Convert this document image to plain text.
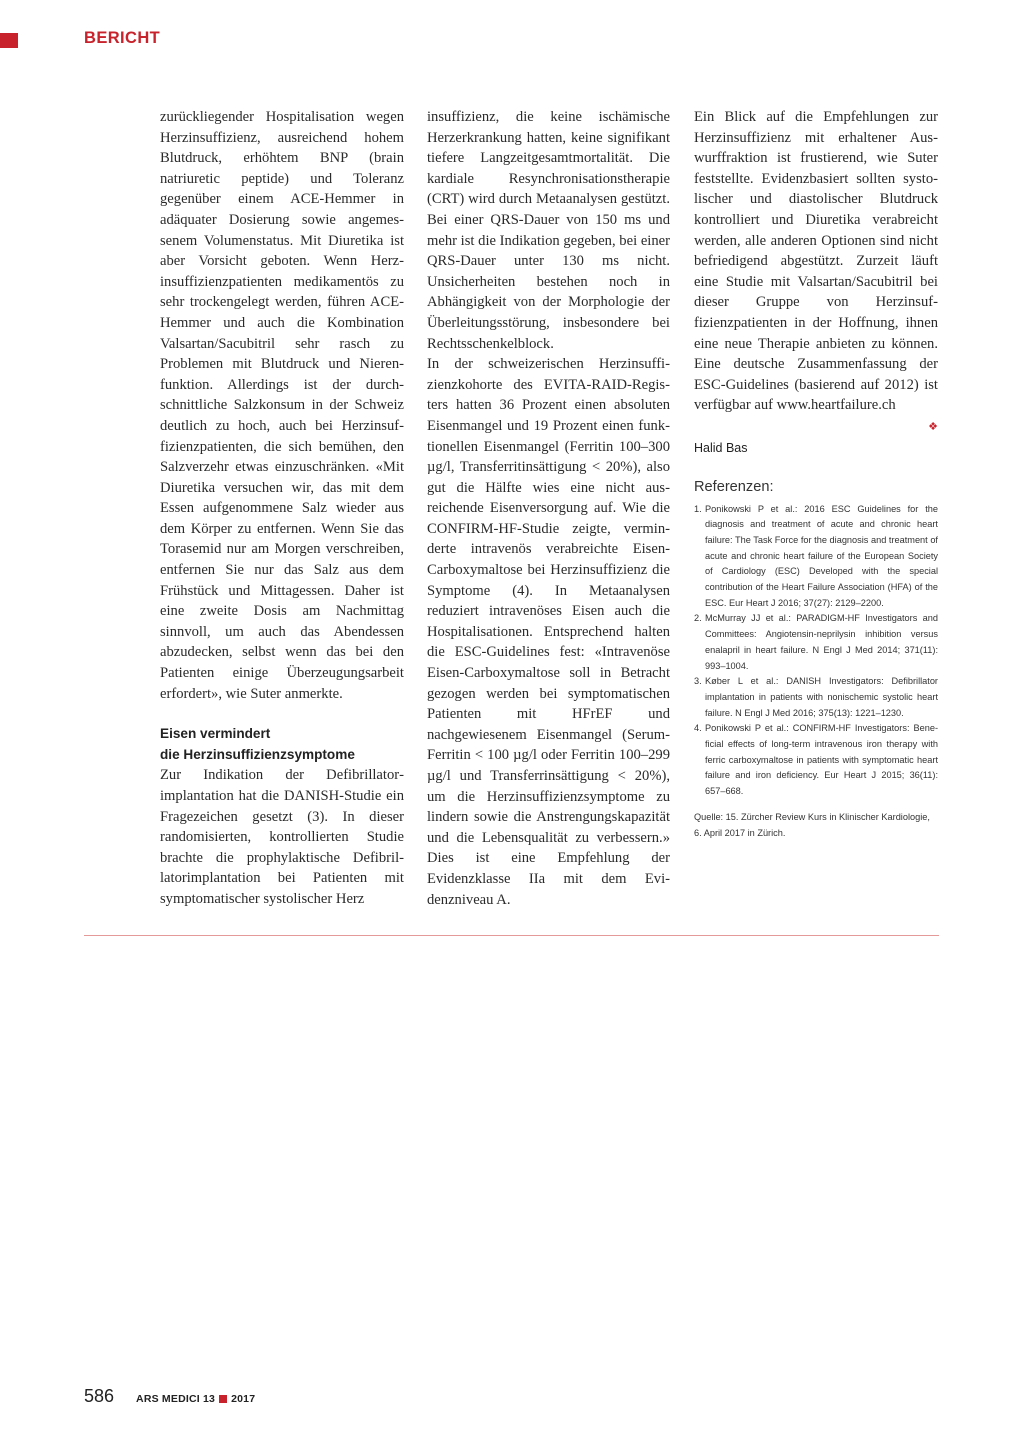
BERICHT

zurückliegender Hospitalisation wegen Herzinsuffizienz, ausreichend hohem Blutdruck, erhöhtem BNP (brain natriuretic peptide) und Toleranz gegenüber einem ACE-Hemmer in adäquater Dosierung sowie angemessenem Volumenstatus. Mit Diuretika ist aber Vorsicht geboten. Wenn Herzinsuffizienzpatienten medikamentös zu sehr trockengelegt werden, führen ACE-Hemmer und auch die Kombination Valsartan/Sacubitril sehr rasch zu Problemen mit Blutdruck und Nierenfunktion. Allerdings ist der durchschnittliche Salzkonsum in der Schweiz deutlich zu hoch, auch bei Herzinsuffizienzpatienten, die sich bemühen, den Salzverzehr etwas einzuschränken. «Mit Diuretika versuchen wir, das mit dem Essen aufgenommene Salz wieder aus dem Körper zu entfernen. Wenn Sie das Torasemid nur am Morgen verschreiben, entfernen Sie nur das Salz aus dem Frühstück und Mittagessen. Daher ist eine zweite Dosis am Nachmittag sinnvoll, um auch das Abendessen abzudecken, selbst wenn das bei den Patienten einige Überzeugungsarbeit erfordert», wie Suter anmerkte.

Eisen vermindert
die Herzinsuffizienzsymptome

Zur Indikation der Defibrillatorimplantation hat die DANISH-Studie ein Fragezeichen gesetzt (3). In dieser randomisierten, kontrollierten Studie brachte die prophylaktische Defibrillatorimplantation bei Patienten mit symptomatischer systolischer Herz

insuffizienz, die keine ischämische Herzerkrankung hatten, keine signifikant tiefere Langzeitgesamtmortalität. Die kardiale Resynchronisationstherapie (CRT) wird durch Metaanalysen gestützt. Bei einer QRS-Dauer von 150 ms und mehr ist die Indikation gegeben, bei einer QRS-Dauer unter 130 ms nicht. Unsicherheiten bestehen noch in Abhängigkeit von der Morphologie der Überleitungsstörung, insbesondere bei Rechtsschenkelblock.

In der schweizerischen Herzinsuffizienzkohorte des EVITA-RAID-Registers hatten 36 Prozent einen absoluten Eisenmangel und 19 Prozent einen funktionellen Eisenmangel (Ferritin 100–300 µg/l, Transferritinsättigung < 20%), also gut die Hälfte wies eine nicht ausreichende Eisenversorgung auf. Wie die CONFIRM-HF-Studie zeigte, verminderte intravenös verabreichte Eisen-Carboxymaltose bei Herzinsuffizienz die Symptome (4). In Metaanalysen reduziert intravenöses Eisen auch die Hospitalisationen. Entsprechend halten die ESC-Guidelines fest: «Intravenöse Eisen-Carboxymaltose soll in Betracht gezogen werden bei symptomatischen Patienten mit HFrEF und nachgewiesenem Eisenmangel (Serum-Ferritin < 100 µg/l oder Ferritin 100–299 µg/l und Transferrinsättigung < 20%), um die Herzinsuffizienzsymptome zu lindern sowie die Anstrengungskapazität und die Lebensqualität zu verbessern.» Dies ist eine Empfehlung der Evidenzklasse IIa mit dem Evidenzniveau A.

Ein Blick auf die Empfehlungen zur Herzinsuffizienz mit erhaltener Auswurffraktion ist frustierend, wie Suter feststellte. Evidenzbasiert sollten systolischer und diastolischer Blutdruck kontrolliert und Diuretika verabreicht werden, alle anderen Optionen sind nicht befriedigend abgestützt. Zurzeit läuft eine Studie mit Valsartan/Sacubitril bei dieser Gruppe von Herzinsuffizienzpatienten in der Hoffnung, ihnen eine neue Therapie anbieten zu können. Eine deutsche Zusammenfassung der ESC-Guidelines (basierend auf 2012) ist verfügbar auf www.heartfailure.ch

❖
Halid Bas

Referenzen:

1. Ponikowski P et al.: 2016 ESC Guidelines for the diagnosis and treatment of acute and chronic heart failure: The Task Force for the diagnosis and treatment of acute and chronic heart failure of the European Society of Cardiology (ESC) Developed with the special contribution of the Heart Failure Association (HFA) of the ESC. Eur Heart J 2016; 37(27): 2129–2200.
2. McMurray JJ et al.: PARADIGM-HF Investigators and Committees: Angiotensin-neprilysin inhibition versus enalapril in heart failure. N Engl J Med 2014; 371(11): 993–1004.
3. Køber L et al.: DANISH Investigators: Defibrillator implantation in patients with nonischemic systolic heart failure. N Engl J Med 2016; 375(13): 1221–1230.
4. Ponikowski P et al.: CONFIRM-HF Investigators: Beneficial effects of long-term intravenous iron therapy with ferric carboxymaltose in patients with symptomatic heart failure and iron deficiency. Eur Heart J 2015; 36(11): 657–668.
Quelle: 15. Zürcher Review Kurs in Klinischer Kardiologie, 6. April 2017 in Zürich.
586 ARS MEDICI 13 2017
